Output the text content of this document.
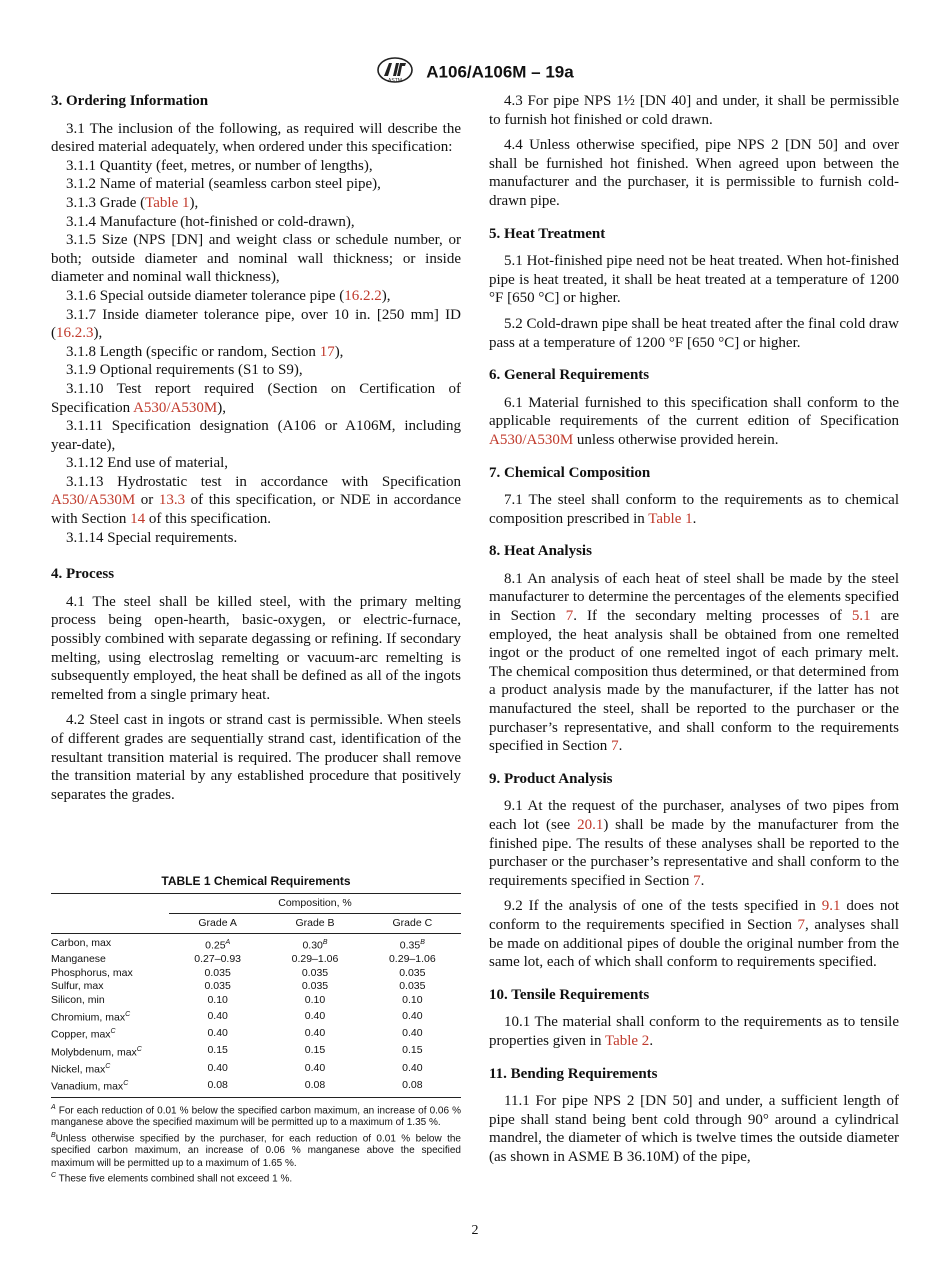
ASTM A106/A106M – 19a
3. Ordering Information

3.1 The inclusion of the following, as required will describe the desired material adequately, when ordered under this specification:

3.1.1 Quantity (feet, metres, or number of lengths),

3.1.2 Name of material (seamless carbon steel pipe),

3.1.3 Grade (Table 1),

3.1.4 Manufacture (hot-finished or cold-drawn),

3.1.5 Size (NPS [DN] and weight class or schedule number, or both; outside diameter and nominal wall thickness; or inside diameter and nominal wall thickness),

3.1.6 Special outside diameter tolerance pipe (16.2.2),

3.1.7 Inside diameter tolerance pipe, over 10 in. [250 mm] ID (16.2.3),

3.1.8 Length (specific or random, Section 17),

3.1.9 Optional requirements (S1 to S9),

3.1.10 Test report required (Section on Certification of Specification A530/A530M),

3.1.11 Specification designation (A106 or A106M, including year-date),

3.1.12 End use of material,

3.1.13 Hydrostatic test in accordance with Specification A530/A530M or 13.3 of this specification, or NDE in accordance with Section 14 of this specification.

3.1.14 Special requirements.

4. Process

4.1 The steel shall be killed steel, with the primary melting process being open-hearth, basic-oxygen, or electric-furnace, possibly combined with separate degassing or refining. If secondary melting, using electroslag remelting or vacuum-arc remelting is subsequently employed, the heat shall be defined as all of the ingots remelted from a single primary heat.

4.2 Steel cast in ingots or strand cast is permissible. When steels of different grades are sequentially strand cast, identification of the resultant transition material is required. The producer shall remove the transition material by any established procedure that positively separates the grades.

TABLE 1 Chemical Requirements
	Composition, %		
	Grade A	Grade B	Grade C
Carbon, max	$0.25^A$	$0.30^B$	$0.35^B$
Manganese	0.27–0.93	0.29–1.06	0.29–1.06
Phosphorus, max	0.035	0.035	0.035
Sulfur, max	0.035	0.035	0.035
Silicon, min	0.10	0.10	0.10
Chromium, $\max^C$	0.40	0.40	0.40
Copper, $\max^C$	0.40	0.40	0.40
Molybdenum, $\max^C$	0.15	0.15	0.15
Nickel, $\max^C$	0.40	0.40	0.40
Vanadium, $\max^C$	0.08	0.08	0.08

$^A$ For each reduction of 0.01 % below the specified carbon maximum, an increase of 0.06 % manganese above the specified maximum will be permitted up to a maximum of 1.35 %.

$^B$Unless otherwise specified by the purchaser, for each reduction of 0.01 % below the specified carbon maximum, an increase of 0.06 % manganese above the specified maximum will be permitted up to a maximum of 1.65 %.

$^C$ These five elements combined shall not exceed 1 %.

4.3 For pipe NPS 1½ [DN 40] and under, it shall be permissible to furnish hot finished or cold drawn.

4.4 Unless otherwise specified, pipe NPS 2 [DN 50] and over shall be furnished hot finished. When agreed upon between the manufacturer and the purchaser, it is permissible to furnish cold-drawn pipe.

5. Heat Treatment

5.1 Hot-finished pipe need not be heat treated. When hot-finished pipe is heat treated, it shall be heat treated at a temperature of 1200 °F [650 °C] or higher.

5.2 Cold-drawn pipe shall be heat treated after the final cold draw pass at a temperature of 1200 °F [650 °C] or higher.

6. General Requirements

6.1 Material furnished to this specification shall conform to the applicable requirements of the current edition of Specification A530/A530M unless otherwise provided herein.

7. Chemical Composition

7.1 The steel shall conform to the requirements as to chemical composition prescribed in Table 1.

8. Heat Analysis

8.1 An analysis of each heat of steel shall be made by the steel manufacturer to determine the percentages of the elements specified in Section 7. If the secondary melting processes of 5.1 are employed, the heat analysis shall be obtained from one remelted ingot or the product of one remelted ingot of each primary melt. The chemical composition thus determined, or that determined from a product analysis made by the manufacturer, if the latter has not manufactured the steel, shall be reported to the purchaser or the purchaser’s representative, and shall conform to the requirements specified in Section 7.

9. Product Analysis

9.1 At the request of the purchaser, analyses of two pipes from each lot (see 20.1) shall be made by the manufacturer from the finished pipe. The results of these analyses shall be reported to the purchaser or the purchaser’s representative and shall conform to the requirements specified in Section 7.

9.2 If the analysis of one of the tests specified in 9.1 does not conform to the requirements specified in Section 7, analyses shall be made on additional pipes of double the original number from the same lot, each of which shall conform to requirements specified.

10. Tensile Requirements

10.1 The material shall conform to the requirements as to tensile properties given in Table 2.

11. Bending Requirements

11.1 For pipe NPS 2 [DN 50] and under, a sufficient length of pipe shall stand being bent cold through 90° around a cylindrical mandrel, the diameter of which is twelve times the outside diameter (as shown in ASME B 36.10M) of the pipe,

2
